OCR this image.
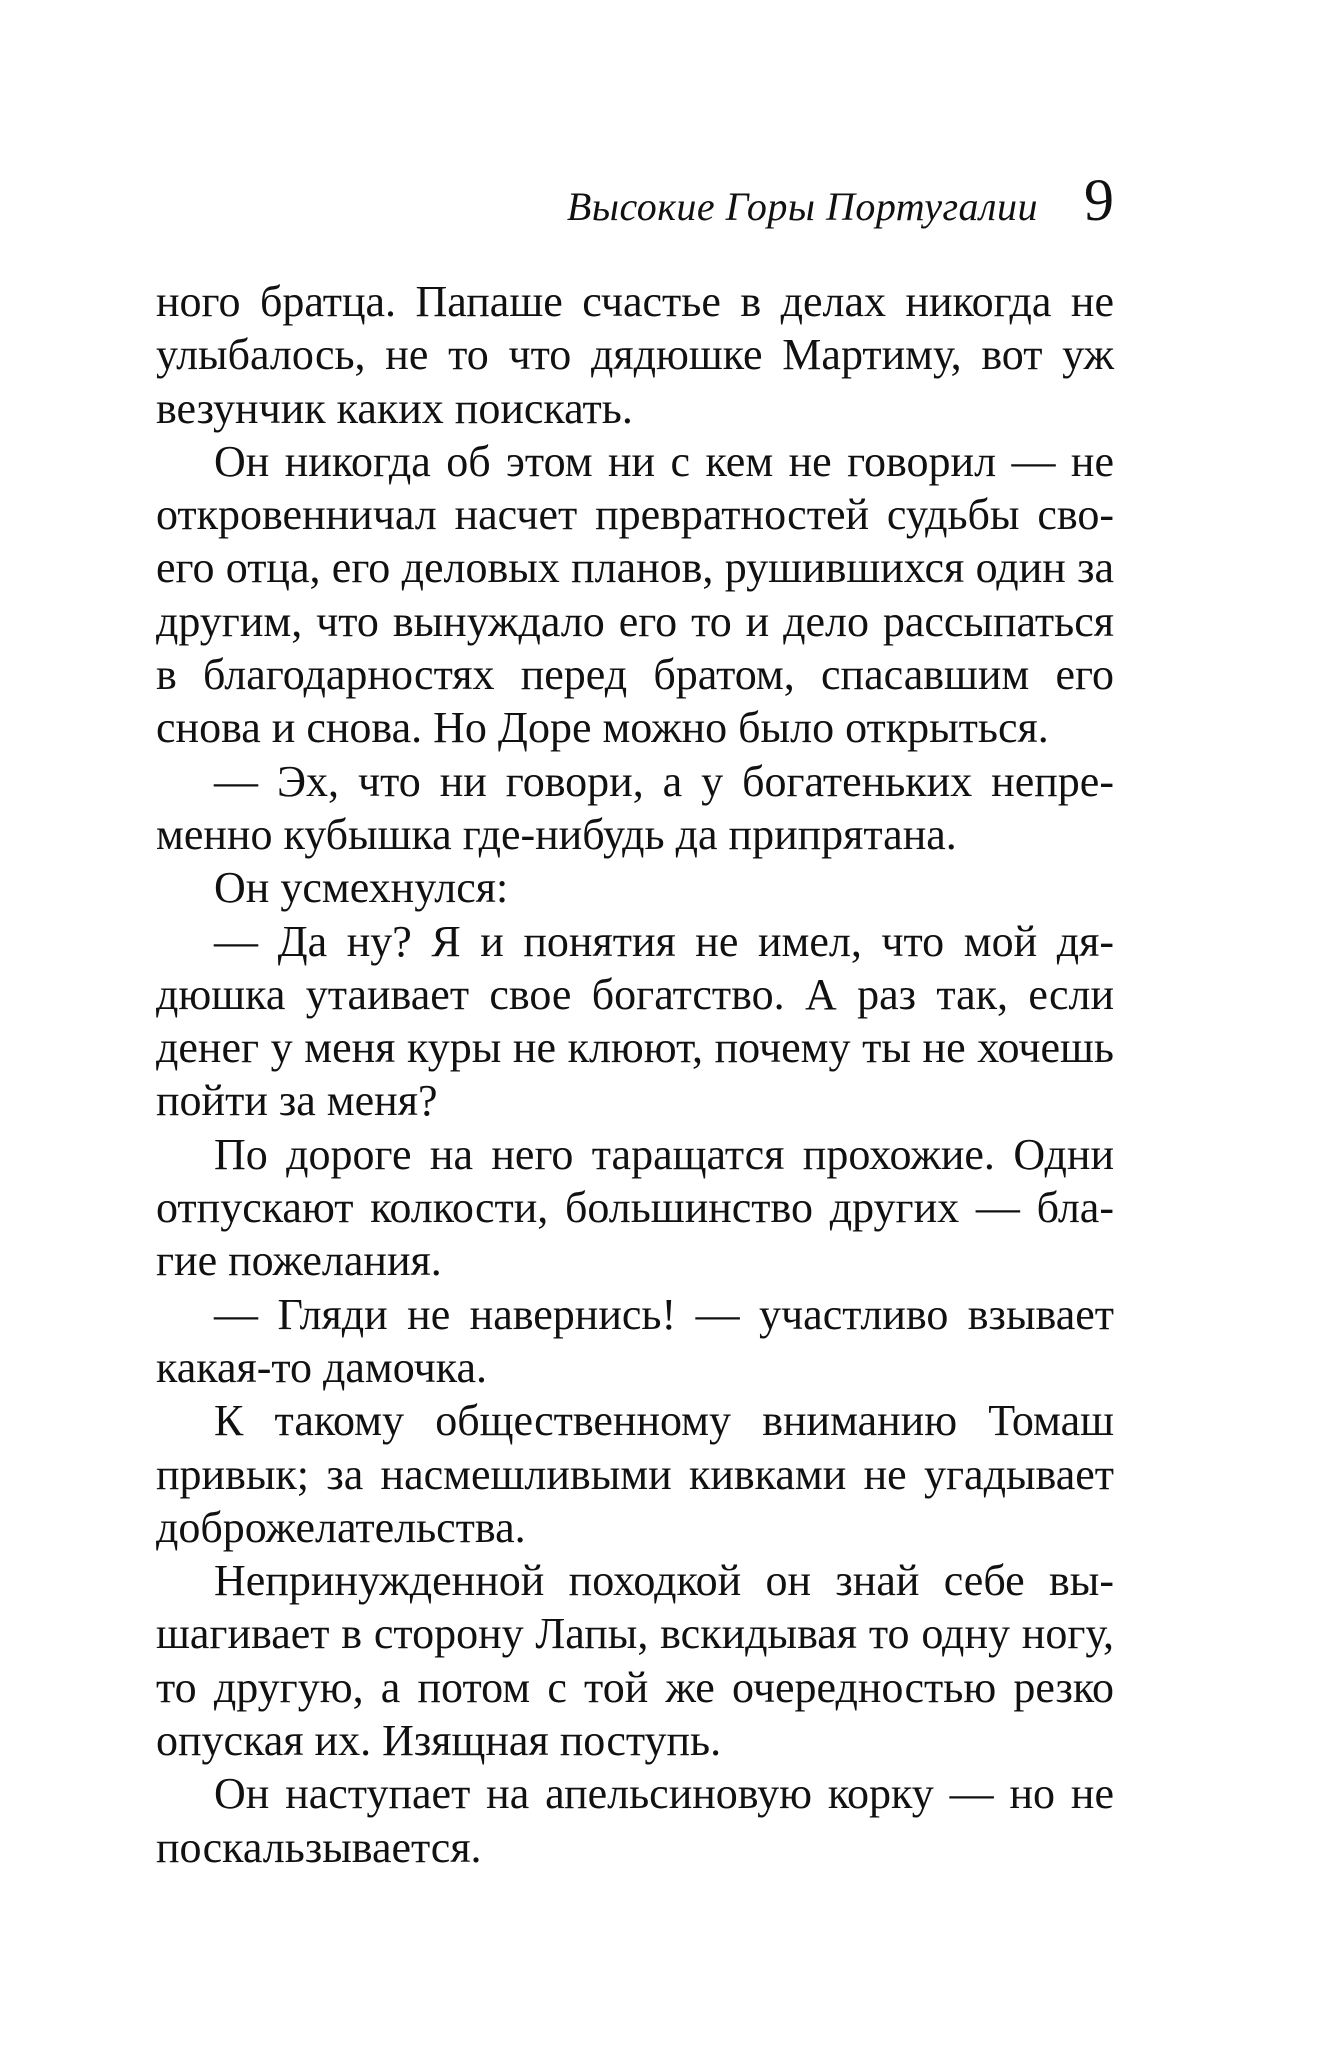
Высокие Горы Португалии 9

ного братца. Папаше счастье в делах никогда не улыбалось, не то что дядюшке Мартиму, вот уж везунчик каких поискать.

Он никогда об этом ни с кем не говорил — не откровенничал насчет превратностей судьбы своего отца, его деловых планов, рушившихся один за другим, что вынуждало его то и дело рассыпаться в благодарностях перед братом, спасавшим его снова и снова. Но Доре можно было открыться.

— Эх, что ни говори, а у богатеньких непременно кубышка где-нибудь да припрятана.

Он усмехнулся:

— Да ну? Я и понятия не имел, что мой дядюшка утаивает свое богатство. А раз так, если денег у меня куры не клюют, почему ты не хочешь пойти за меня?

По дороге на него таращатся прохожие. Одни отпускают колкости, большинство других — благие пожелания.

— Гляди не навернись! — участливо взывает какая-то дамочка.

К такому общественному вниманию Томаш привык; за насмешливыми кивками не угадывает доброжелательства.

Непринужденной походкой он знай себе вышагивает в сторону Лапы, вскидывая то одну ногу, то другую, а потом с той же очередностью резко опуская их. Изящная поступь.

Он наступает на апельсиновую корку — но не поскальзывается.
